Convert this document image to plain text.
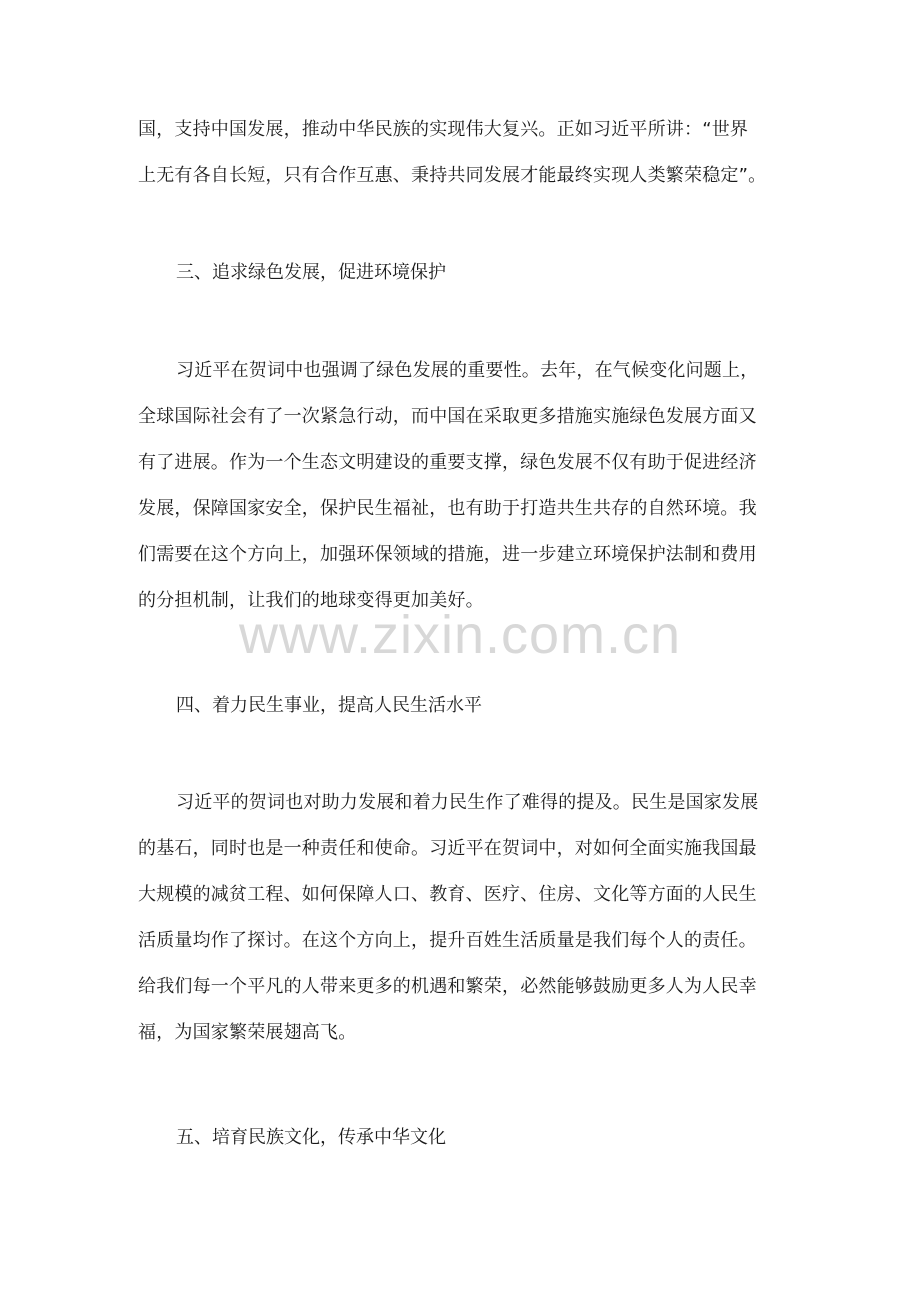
国，支持中国发展，推动中华民族的实现伟大复兴。正如习近平所讲：“世界
上无有各自长短，只有合作互惠、秉持共同发展才能最终实现人类繁荣稳定”。

三、追求绿色发展，促进环境保护

习近平在贺词中也强调了绿色发展的重要性。去年，在气候变化问题上，
全球国际社会有了一次紧急行动，而中国在采取更多措施实施绿色发展方面又
有了进展。作为一个生态文明建设的重要支撑，绿色发展不仅有助于促进经济
发展，保障国家安全，保护民生福祉，也有助于打造共生共存的自然环境。我
们需要在这个方向上，加强环保领域的措施，进一步建立环境保护法制和费用
的分担机制，让我们的地球变得更加美好。

四、着力民生事业，提高人民生活水平

习近平的贺词也对助力发展和着力民生作了难得的提及。民生是国家发展
的基石，同时也是一种责任和使命。习近平在贺词中，对如何全面实施我国最
大规模的减贫工程、如何保障人口、教育、医疗、住房、文化等方面的人民生
活质量均作了探讨。在这个方向上，提升百姓生活质量是我们每个人的责任。
给我们每一个平凡的人带来更多的机遇和繁荣，必然能够鼓励更多人为人民幸
福，为国家繁荣展翅高飞。

五、培育民族文化，传承中华文化
www.zixin.com.cn
